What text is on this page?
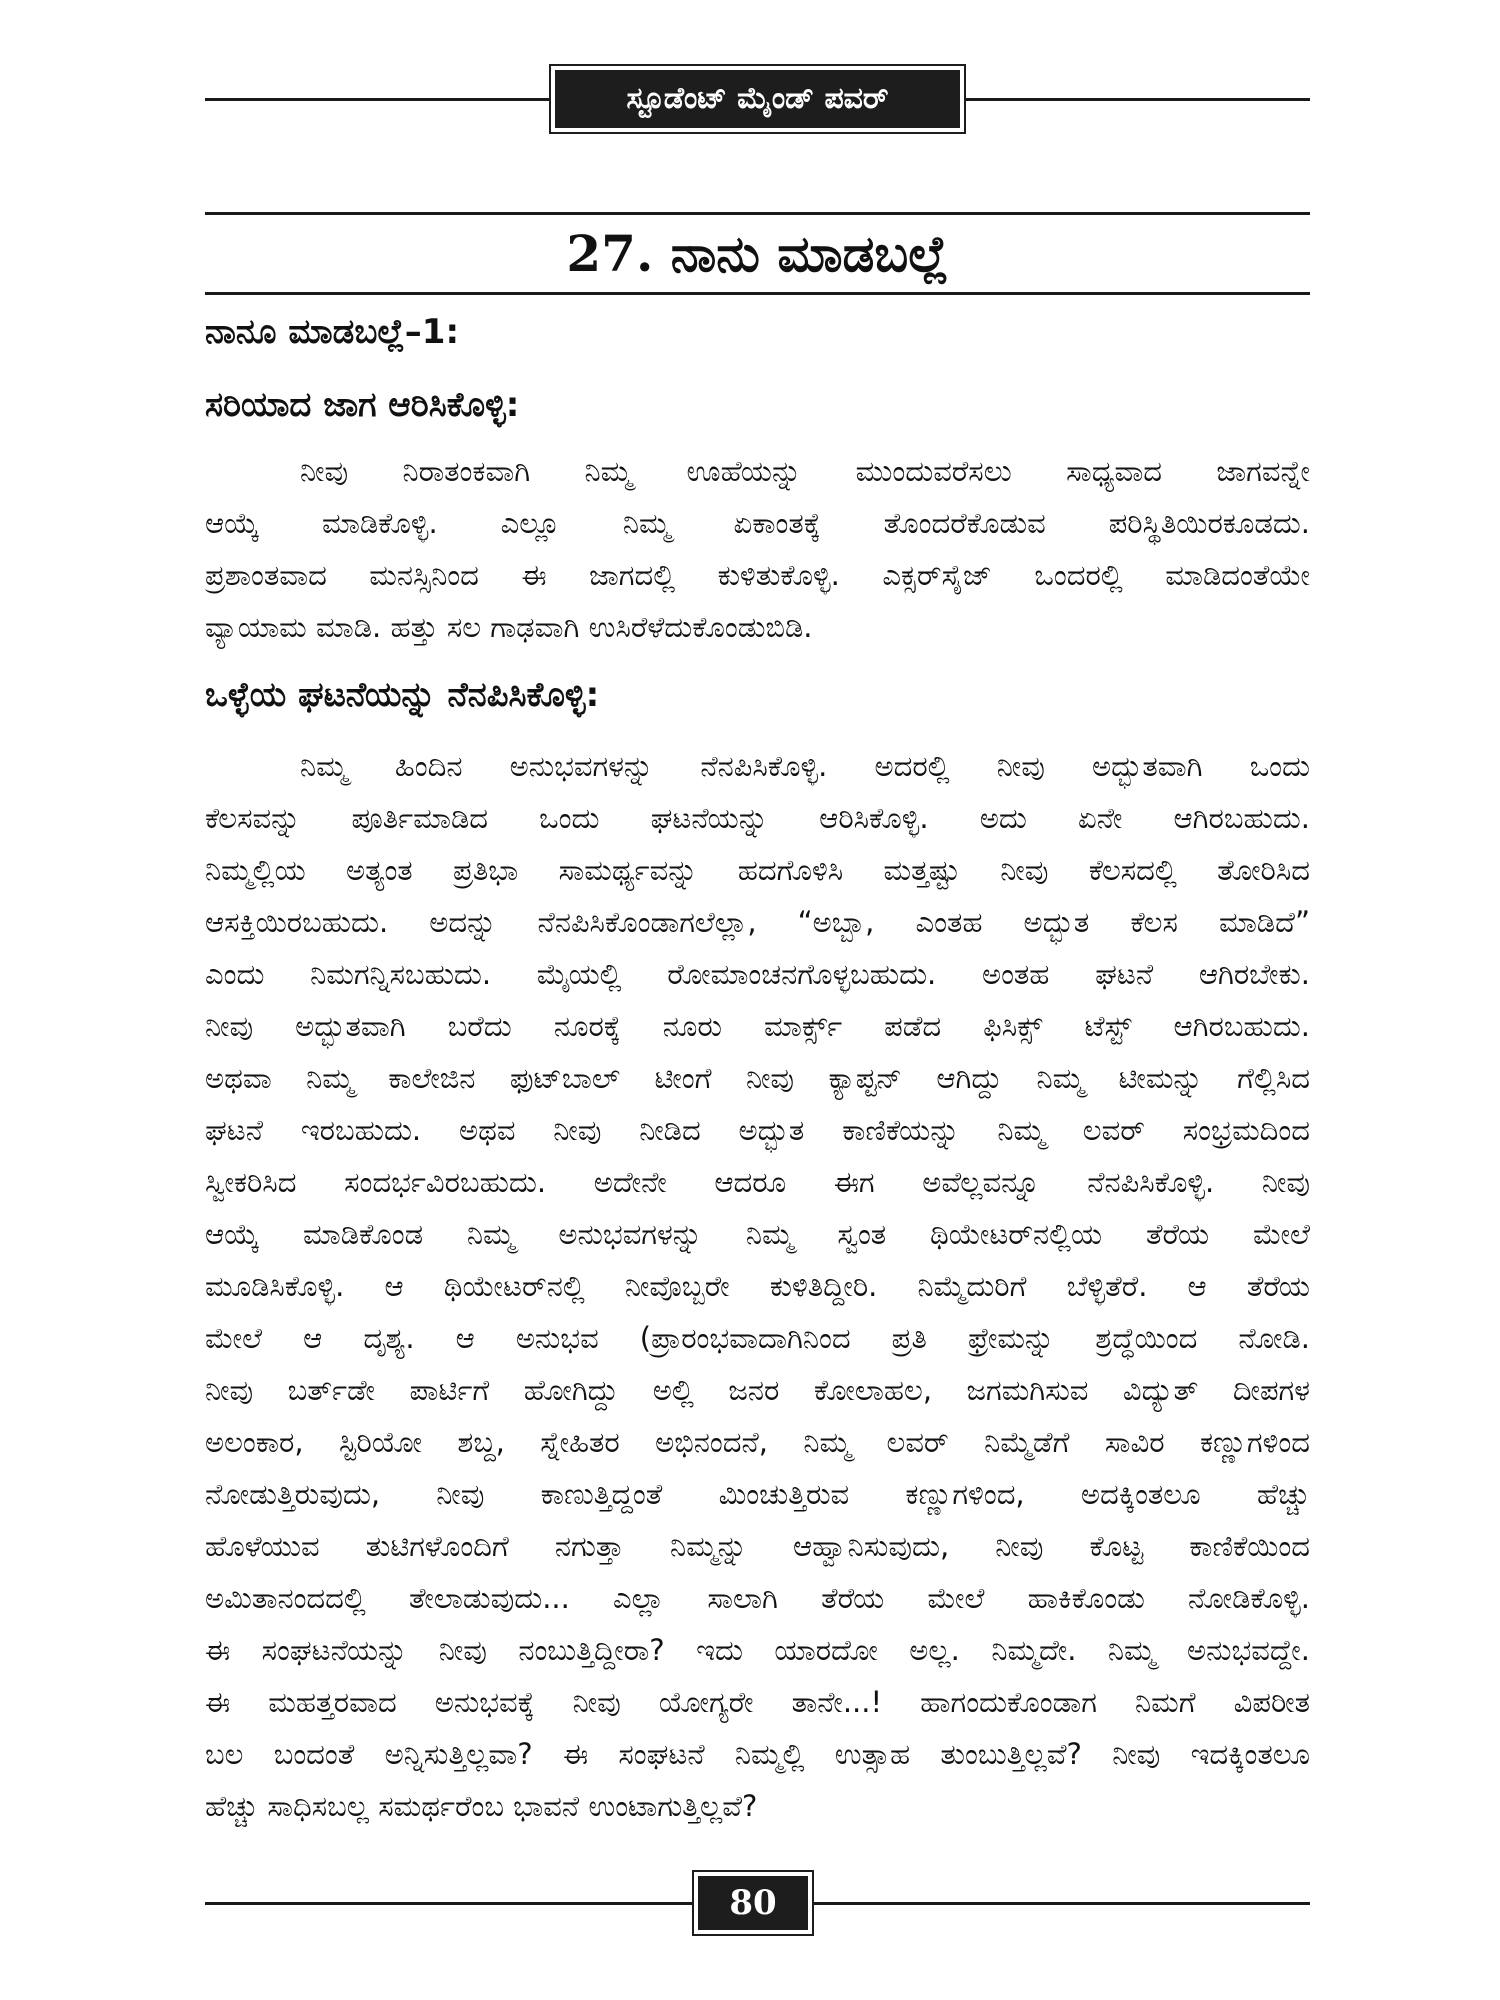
ಸ್ಟೂಡೆಂಟ್ ಮೈಂಡ್ ಪವರ್
27. ನಾನು ಮಾಡಬಲ್ಲೆ
ನಾನೂ ಮಾಡಬಲ್ಲೆ–1:
ಸರಿಯಾದ ಜಾಗ ಆರಿಸಿಕೊಳ್ಳಿ:
ನೀವು ನಿರಾತಂಕವಾಗಿ ನಿಮ್ಮ ಊಹೆಯನ್ನು ಮುಂದುವರೆಸಲು ಸಾಧ್ಯವಾದ ಜಾಗವನ್ನೇ
ಆಯ್ಕೆ ಮಾಡಿಕೊಳ್ಳಿ. ಎಲ್ಲೂ ನಿಮ್ಮ ಏಕಾಂತಕ್ಕೆ ತೊಂದರೆಕೊಡುವ ಪರಿಸ್ಥಿತಿಯಿರಕೂಡದು.
ಪ್ರಶಾಂತವಾದ ಮನಸ್ಸಿನಿಂದ ಈ ಜಾಗದಲ್ಲಿ ಕುಳಿತುಕೊಳ್ಳಿ. ಎಕ್ಸರ್‌ಸೈಜ್ ಒಂದರಲ್ಲಿ ಮಾಡಿದಂತೆಯೇ
ವ್ಯಾಯಾಮ ಮಾಡಿ. ಹತ್ತು ಸಲ ಗಾಢವಾಗಿ ಉಸಿರೆಳೆದುಕೊಂಡುಬಿಡಿ.
ಒಳ್ಳೆಯ ಘಟನೆಯನ್ನು ನೆನಪಿಸಿಕೊಳ್ಳಿ:
ನಿಮ್ಮ ಹಿಂದಿನ ಅನುಭವಗಳನ್ನು ನೆನಪಿಸಿಕೊಳ್ಳಿ. ಅದರಲ್ಲಿ ನೀವು ಅದ್ಭುತವಾಗಿ ಒಂದು
ಕೆಲಸವನ್ನು ಪೂರ್ತಿಮಾಡಿದ ಒಂದು ಘಟನೆಯನ್ನು ಆರಿಸಿಕೊಳ್ಳಿ. ಅದು ಏನೇ ಆಗಿರಬಹುದು.
ನಿಮ್ಮಲ್ಲಿಯ ಅತ್ಯಂತ ಪ್ರತಿಭಾ ಸಾಮರ್ಥ್ಯವನ್ನು ಹದಗೊಳಿಸಿ ಮತ್ತಷ್ಟು ನೀವು ಕೆಲಸದಲ್ಲಿ ತೋರಿಸಿದ
ಆಸಕ್ತಿಯಿರಬಹುದು. ಅದನ್ನು ನೆನಪಿಸಿಕೊಂಡಾಗಲೆಲ್ಲಾ, “ಅಬ್ಬಾ, ಎಂತಹ ಅದ್ಭುತ ಕೆಲಸ ಮಾಡಿದೆ”
ಎಂದು ನಿಮಗನ್ನಿಸಬಹುದು. ಮೈಯಲ್ಲಿ ರೋಮಾಂಚನಗೊಳ್ಳಬಹುದು. ಅಂತಹ ಘಟನೆ ಆಗಿರಬೇಕು.
ನೀವು ಅದ್ಭುತವಾಗಿ ಬರೆದು ನೂರಕ್ಕೆ ನೂರು ಮಾರ್ಕ್ಸ್ ಪಡೆದ ಫಿಸಿಕ್ಸ್ ಟೆಸ್ಟ್ ಆಗಿರಬಹುದು.
ಅಥವಾ ನಿಮ್ಮ ಕಾಲೇಜಿನ ಫುಟ್‌ಬಾಲ್ ಟೀಂಗೆ ನೀವು ಕ್ಯಾಪ್ಟನ್ ಆಗಿದ್ದು ನಿಮ್ಮ ಟೀಮನ್ನು ಗೆಲ್ಲಿಸಿದ
ಘಟನೆ ಇರಬಹುದು. ಅಥವ ನೀವು ನೀಡಿದ ಅದ್ಭುತ ಕಾಣಿಕೆಯನ್ನು ನಿಮ್ಮ ಲವರ್ ಸಂಭ್ರಮದಿಂದ
ಸ್ವೀಕರಿಸಿದ ಸಂದರ್ಭವಿರಬಹುದು. ಅದೇನೇ ಆದರೂ ಈಗ ಅವೆಲ್ಲವನ್ನೂ ನೆನಪಿಸಿಕೊಳ್ಳಿ. ನೀವು
ಆಯ್ಕೆ ಮಾಡಿಕೊಂಡ ನಿಮ್ಮ ಅನುಭವಗಳನ್ನು ನಿಮ್ಮ ಸ್ವಂತ ಥಿಯೇಟರ್‌ನಲ್ಲಿಯ ತೆರೆಯ ಮೇಲೆ
ಮೂಡಿಸಿಕೊಳ್ಳಿ. ಆ ಥಿಯೇಟರ್‌ನಲ್ಲಿ ನೀವೊಬ್ಬರೇ ಕುಳಿತಿದ್ದೀರಿ. ನಿಮ್ಮೆದುರಿಗೆ ಬೆಳ್ಳಿತೆರೆ. ಆ ತೆರೆಯ
ಮೇಲೆ ಆ ದೃಶ್ಯ. ಆ ಅನುಭವ (ಪ್ರಾರಂಭವಾದಾಗಿನಿಂದ ಪ್ರತಿ ಫ್ರೇಮನ್ನು ಶ್ರದ್ಧೆಯಿಂದ ನೋಡಿ.
ನೀವು ಬರ್ತ್‌ಡೇ ಪಾರ್ಟಿಗೆ ಹೋಗಿದ್ದು ಅಲ್ಲಿ ಜನರ ಕೋಲಾಹಲ, ಜಗಮಗಿಸುವ ವಿದ್ಯುತ್ ದೀಪಗಳ
ಅಲಂಕಾರ, ಸ್ಟಿರಿಯೋ ಶಬ್ದ, ಸ್ನೇಹಿತರ ಅಭಿನಂದನೆ, ನಿಮ್ಮ ಲವರ್ ನಿಮ್ಮೆಡೆಗೆ ಸಾವಿರ ಕಣ್ಣುಗಳಿಂದ
ನೋಡುತ್ತಿರುವುದು, ನೀವು ಕಾಣುತ್ತಿದ್ದಂತೆ ಮಿಂಚುತ್ತಿರುವ ಕಣ್ಣುಗಳಿಂದ, ಅದಕ್ಕಿಂತಲೂ ಹೆಚ್ಚು
ಹೊಳೆಯುವ ತುಟಿಗಳೊಂದಿಗೆ ನಗುತ್ತಾ ನಿಮ್ಮನ್ನು ಆಹ್ವಾನಿಸುವುದು, ನೀವು ಕೊಟ್ಟ ಕಾಣಿಕೆಯಿಂದ
ಅಮಿತಾನಂದದಲ್ಲಿ ತೇಲಾಡುವುದು... ಎಲ್ಲಾ ಸಾಲಾಗಿ ತೆರೆಯ ಮೇಲೆ ಹಾಕಿಕೊಂಡು ನೋಡಿಕೊಳ್ಳಿ.
ಈ ಸಂಘಟನೆಯನ್ನು ನೀವು ನಂಬುತ್ತಿದ್ದೀರಾ? ಇದು ಯಾರದೋ ಅಲ್ಲ. ನಿಮ್ಮದೇ. ನಿಮ್ಮ ಅನುಭವದ್ದೇ.
ಈ ಮಹತ್ತರವಾದ ಅನುಭವಕ್ಕೆ ನೀವು ಯೋಗ್ಯರೇ ತಾನೇ...! ಹಾಗಂದುಕೊಂಡಾಗ ನಿಮಗೆ ವಿಪರೀತ
ಬಲ ಬಂದಂತೆ ಅನ್ನಿಸುತ್ತಿಲ್ಲವಾ? ಈ ಸಂಘಟನೆ ನಿಮ್ಮಲ್ಲಿ ಉತ್ಸಾಹ ತುಂಬುತ್ತಿಲ್ಲವೆ? ನೀವು ಇದಕ್ಕಿಂತಲೂ
ಹೆಚ್ಚು ಸಾಧಿಸಬಲ್ಲ ಸಮರ್ಥರೆಂಬ ಭಾವನೆ ಉಂಟಾಗುತ್ತಿಲ್ಲವೆ?
80
